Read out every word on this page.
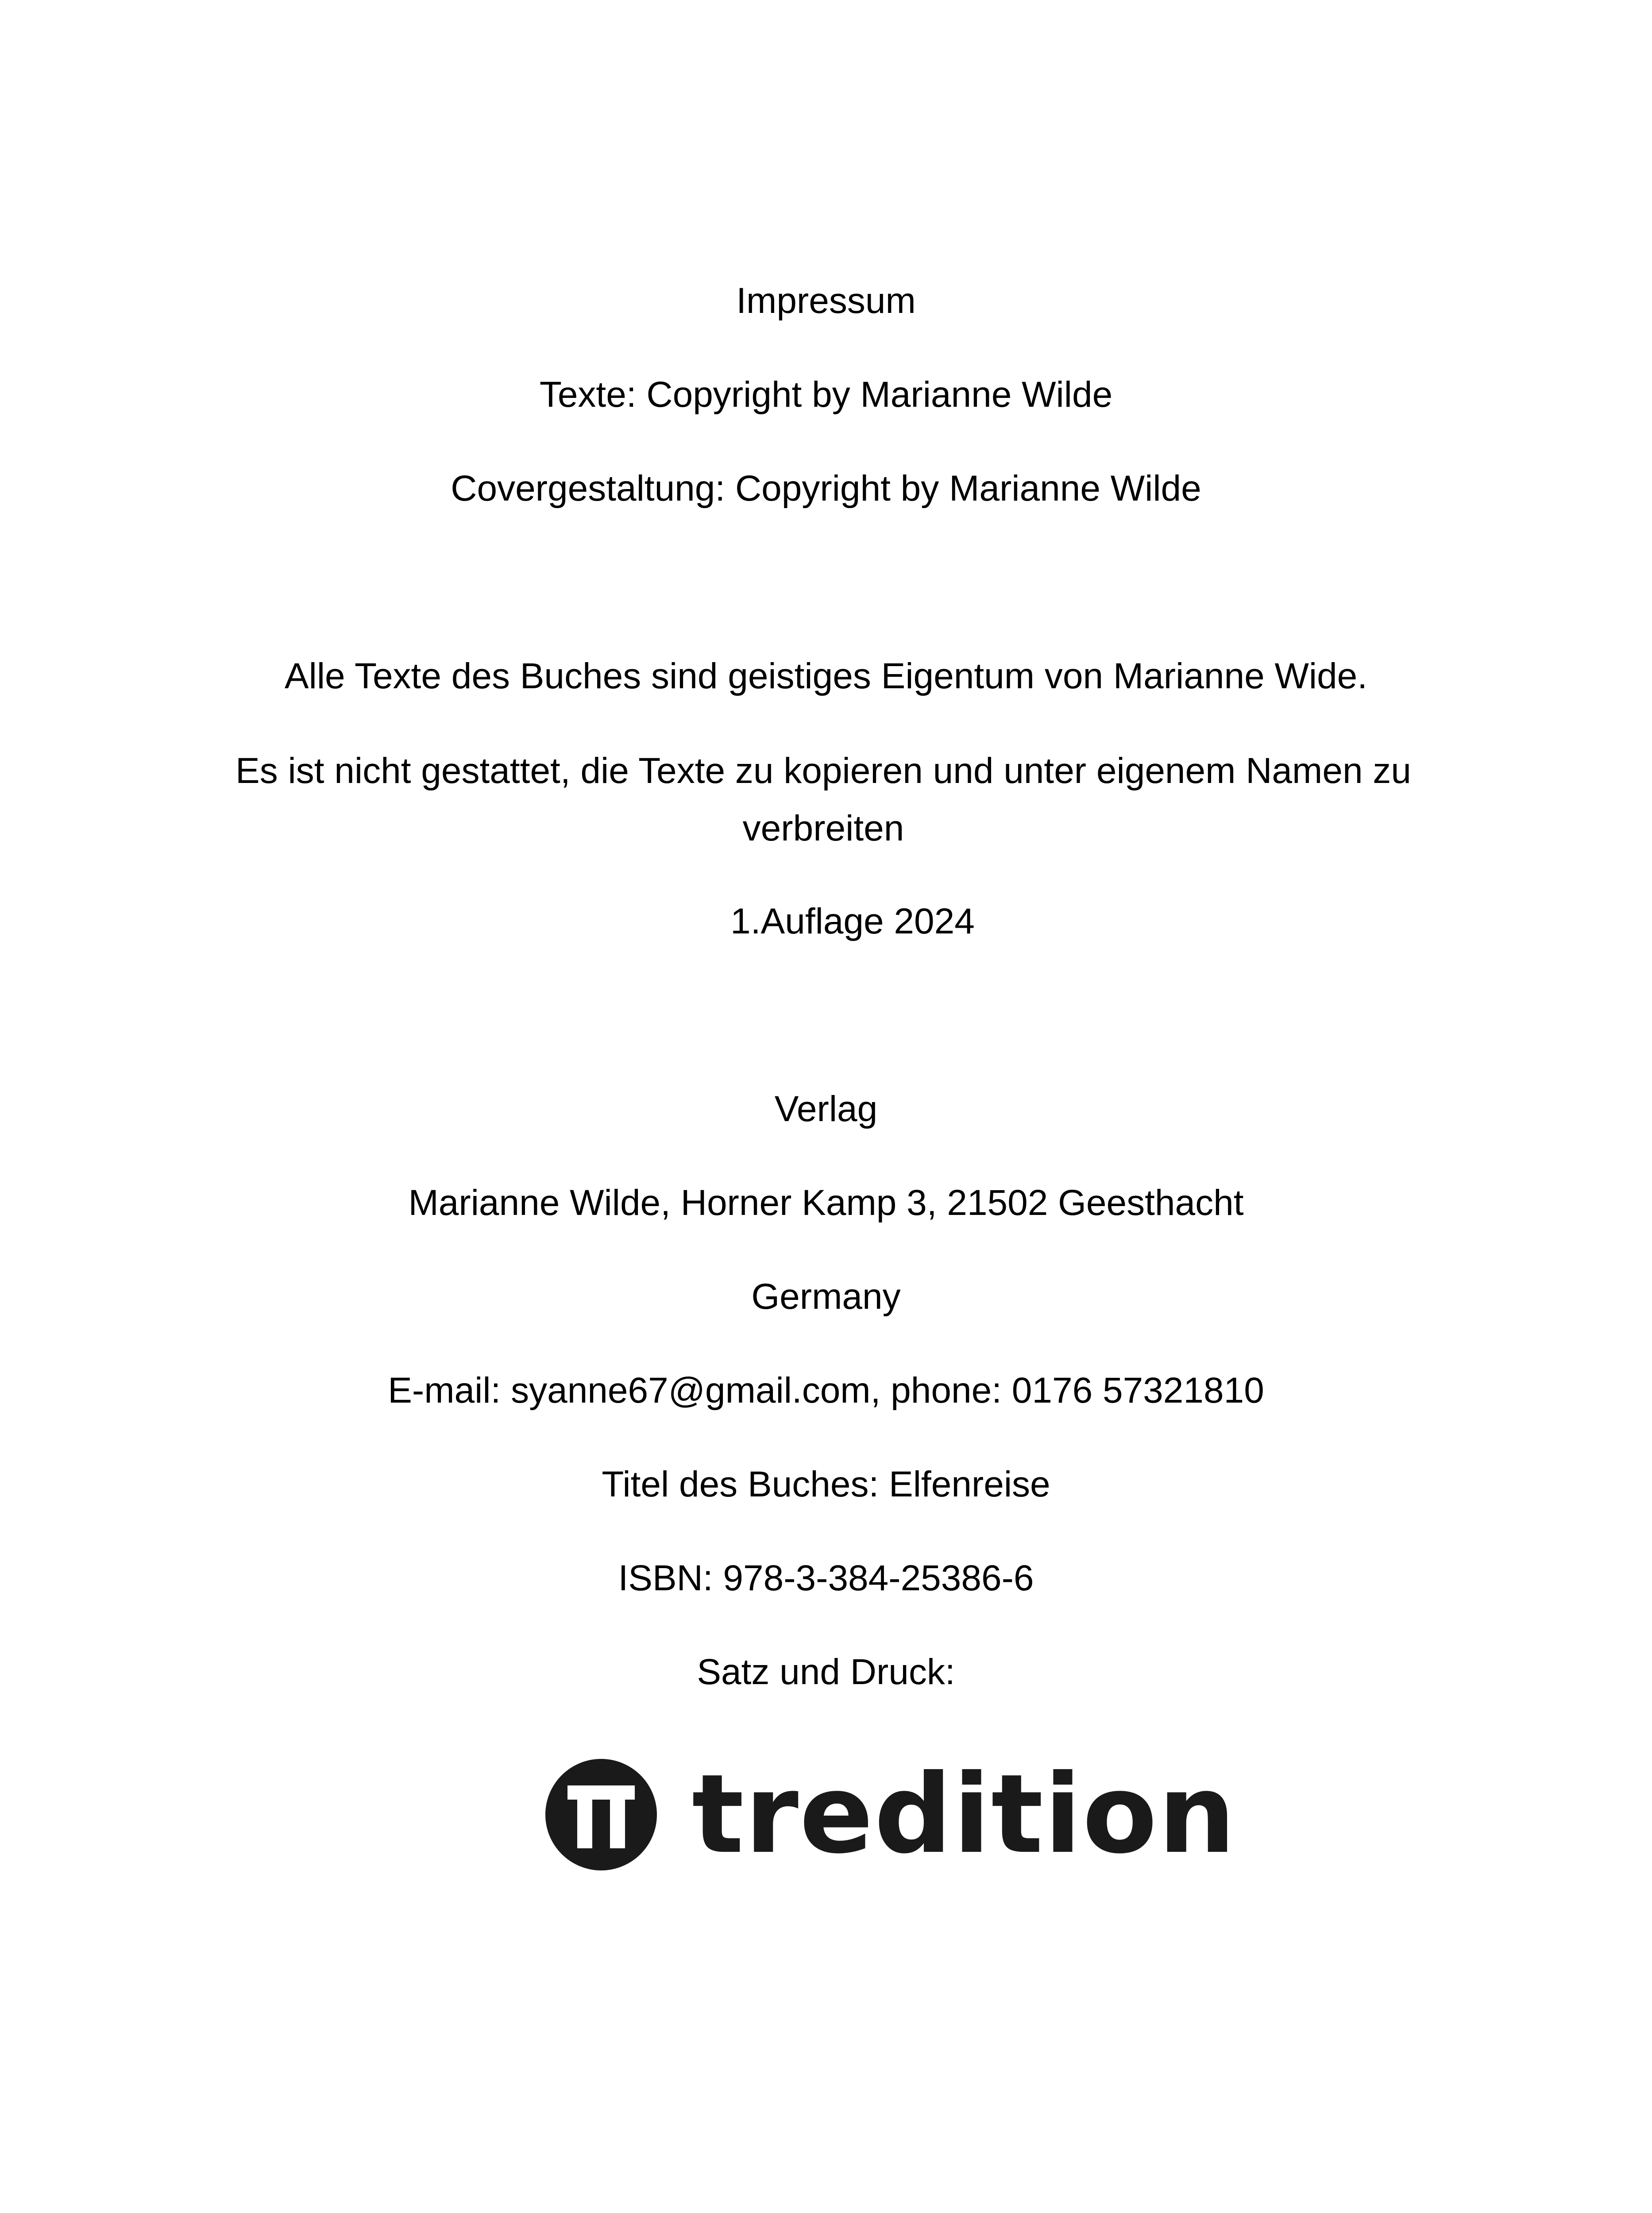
Impressum
Texte: Copyright by Marianne Wilde
Covergestaltung: Copyright by Marianne Wilde
Alle Texte des Buches sind geistiges Eigentum von Marianne Wide.
Es ist nicht gestattet, die Texte zu kopieren und unter eigenem Namen zu verbreiten
1.Auflage 2024
Verlag
Marianne Wilde, Horner Kamp 3, 21502 Geesthacht
Germany
E-mail: syanne67@gmail.com, phone: 0176 57321810
Titel des Buches: Elfenreise
ISBN: 978-3-384-25386-6
Satz und Druck:
tredition
